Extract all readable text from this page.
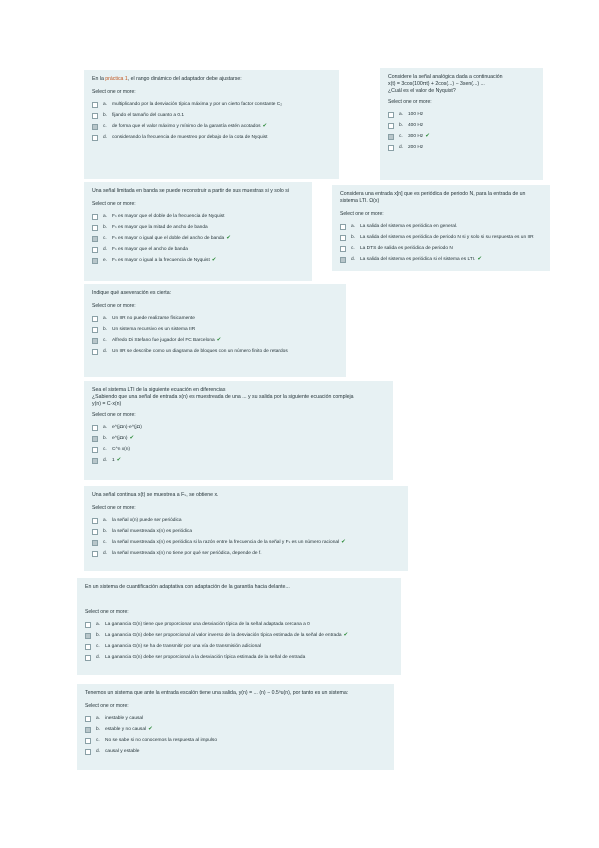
En la práctica 1, el rango dinámico del adaptador debe ajustarse:
Select one or more:
a.	multiplicando por la desviación típica máxima y por un cierto factor constante C₂
b.	fijando el tamaño del cuanto a 0.1
c.	de forma que el valor máximo y mínimo de la garantía estén acotados ✔
d.	considerando la frecuencia de muestreo por debajo de la cota de Nyquist
Considere la señal analógica dada a continuación
x(t) = 3cos(100πt) + 2cos(...) − 3sen(...) ...
¿Cuál es el valor de Nyquist?
Select one or more:
a.	100 Hz
b.	400 Hz
c.	300 Hz ✔
d.	200 Hz
Una señal limitada en banda se puede reconstruir a partir de sus muestras si y solo si
Select one or more:
a.	Fₛ es mayor que el doble de la frecuencia de Nyquist
b.	Fₛ es mayor que la mitad de ancho de banda
c.	Fₛ es mayor o igual que el doble del ancho de banda ✔
d.	Fₛ es mayor que el ancho de banda
e.	Fₛ es mayor o igual a la frecuencia de Nyquist ✔
Considera una entrada x[n] que es periódica de periodo N, para la entrada de un sistema LTI. Ω(x)
Select one or more:
a.	La salida del sistema es periódica en general.
b.	La salida del sistema es periódica de periodo N si y solo si su respuesta es un IIR
c.	La DTS de salida es periódica de periodo N
d.	La salida del sistema es periódica si el sistema es LTI. ✔
Indique qué aseveración es cierta:
Select one or more:
a.	Un IIR no puede realizarse físicamente
b.	Un sistema recursivo es un sistema IIR
c.	Alfredo Di Stefano fue jugador del FC Barcelona ✔
d.	Un IIR se describe como un diagrama de bloques con un número finito de retardos
Sea el sistema LTI de la siguiente ecuación en diferencias
¿Sabiendo que una señal de entrada x(n) es muestreada de una ... y su salida por la siguiente ecuación compleja
y(n) = C·x(n)
Select one or more:
a.	e^(jΩn)·e^(jΩ)
b.	e^(jΩn) ✔
c.	C^n x(n)
d.	1 ✔
Una señal continua x(t) se muestrea a Fₛ, se obtiene x.
Select one or more:
a.	la señal x(n) puede ser periódica
b.	la señal muestreada x(n) es periódica
c.	la señal muestreada x(n) es periódica si la razón entre la frecuencia de la señal y Fₛ es un número racional ✔
d.	la señal muestreada x(n) no tiene por qué ser periódica, depende de f.
En un sistema de cuantificación adaptativa con adaptación de la garantía hacia delante...
Select one or more:
a.	La ganancia G(n) tiene que proporcionar una desviación típica de la señal adaptada cercana a 0
b.	La ganancia G(n) debe ser proporcional al valor inverso de la desviación típica estimada de la señal de entrada ✔
c.	La ganancia G(n) se ha de transmitir por una vía de transmisión adicional
d.	La ganancia G(n) debe ser proporcional a la desviación típica estimada de la señal de entrada
Tenemos un sistema que ante la entrada escalón tiene una salida, y(n) = ... (n) − 0.5ⁿu(n), por tanto es un sistema:
Select one or more:
a.	inestable y causal
b.	estable y no causal ✔
c.	No se sabe si no conocemos la respuesta al impulso
d.	causal y estable
